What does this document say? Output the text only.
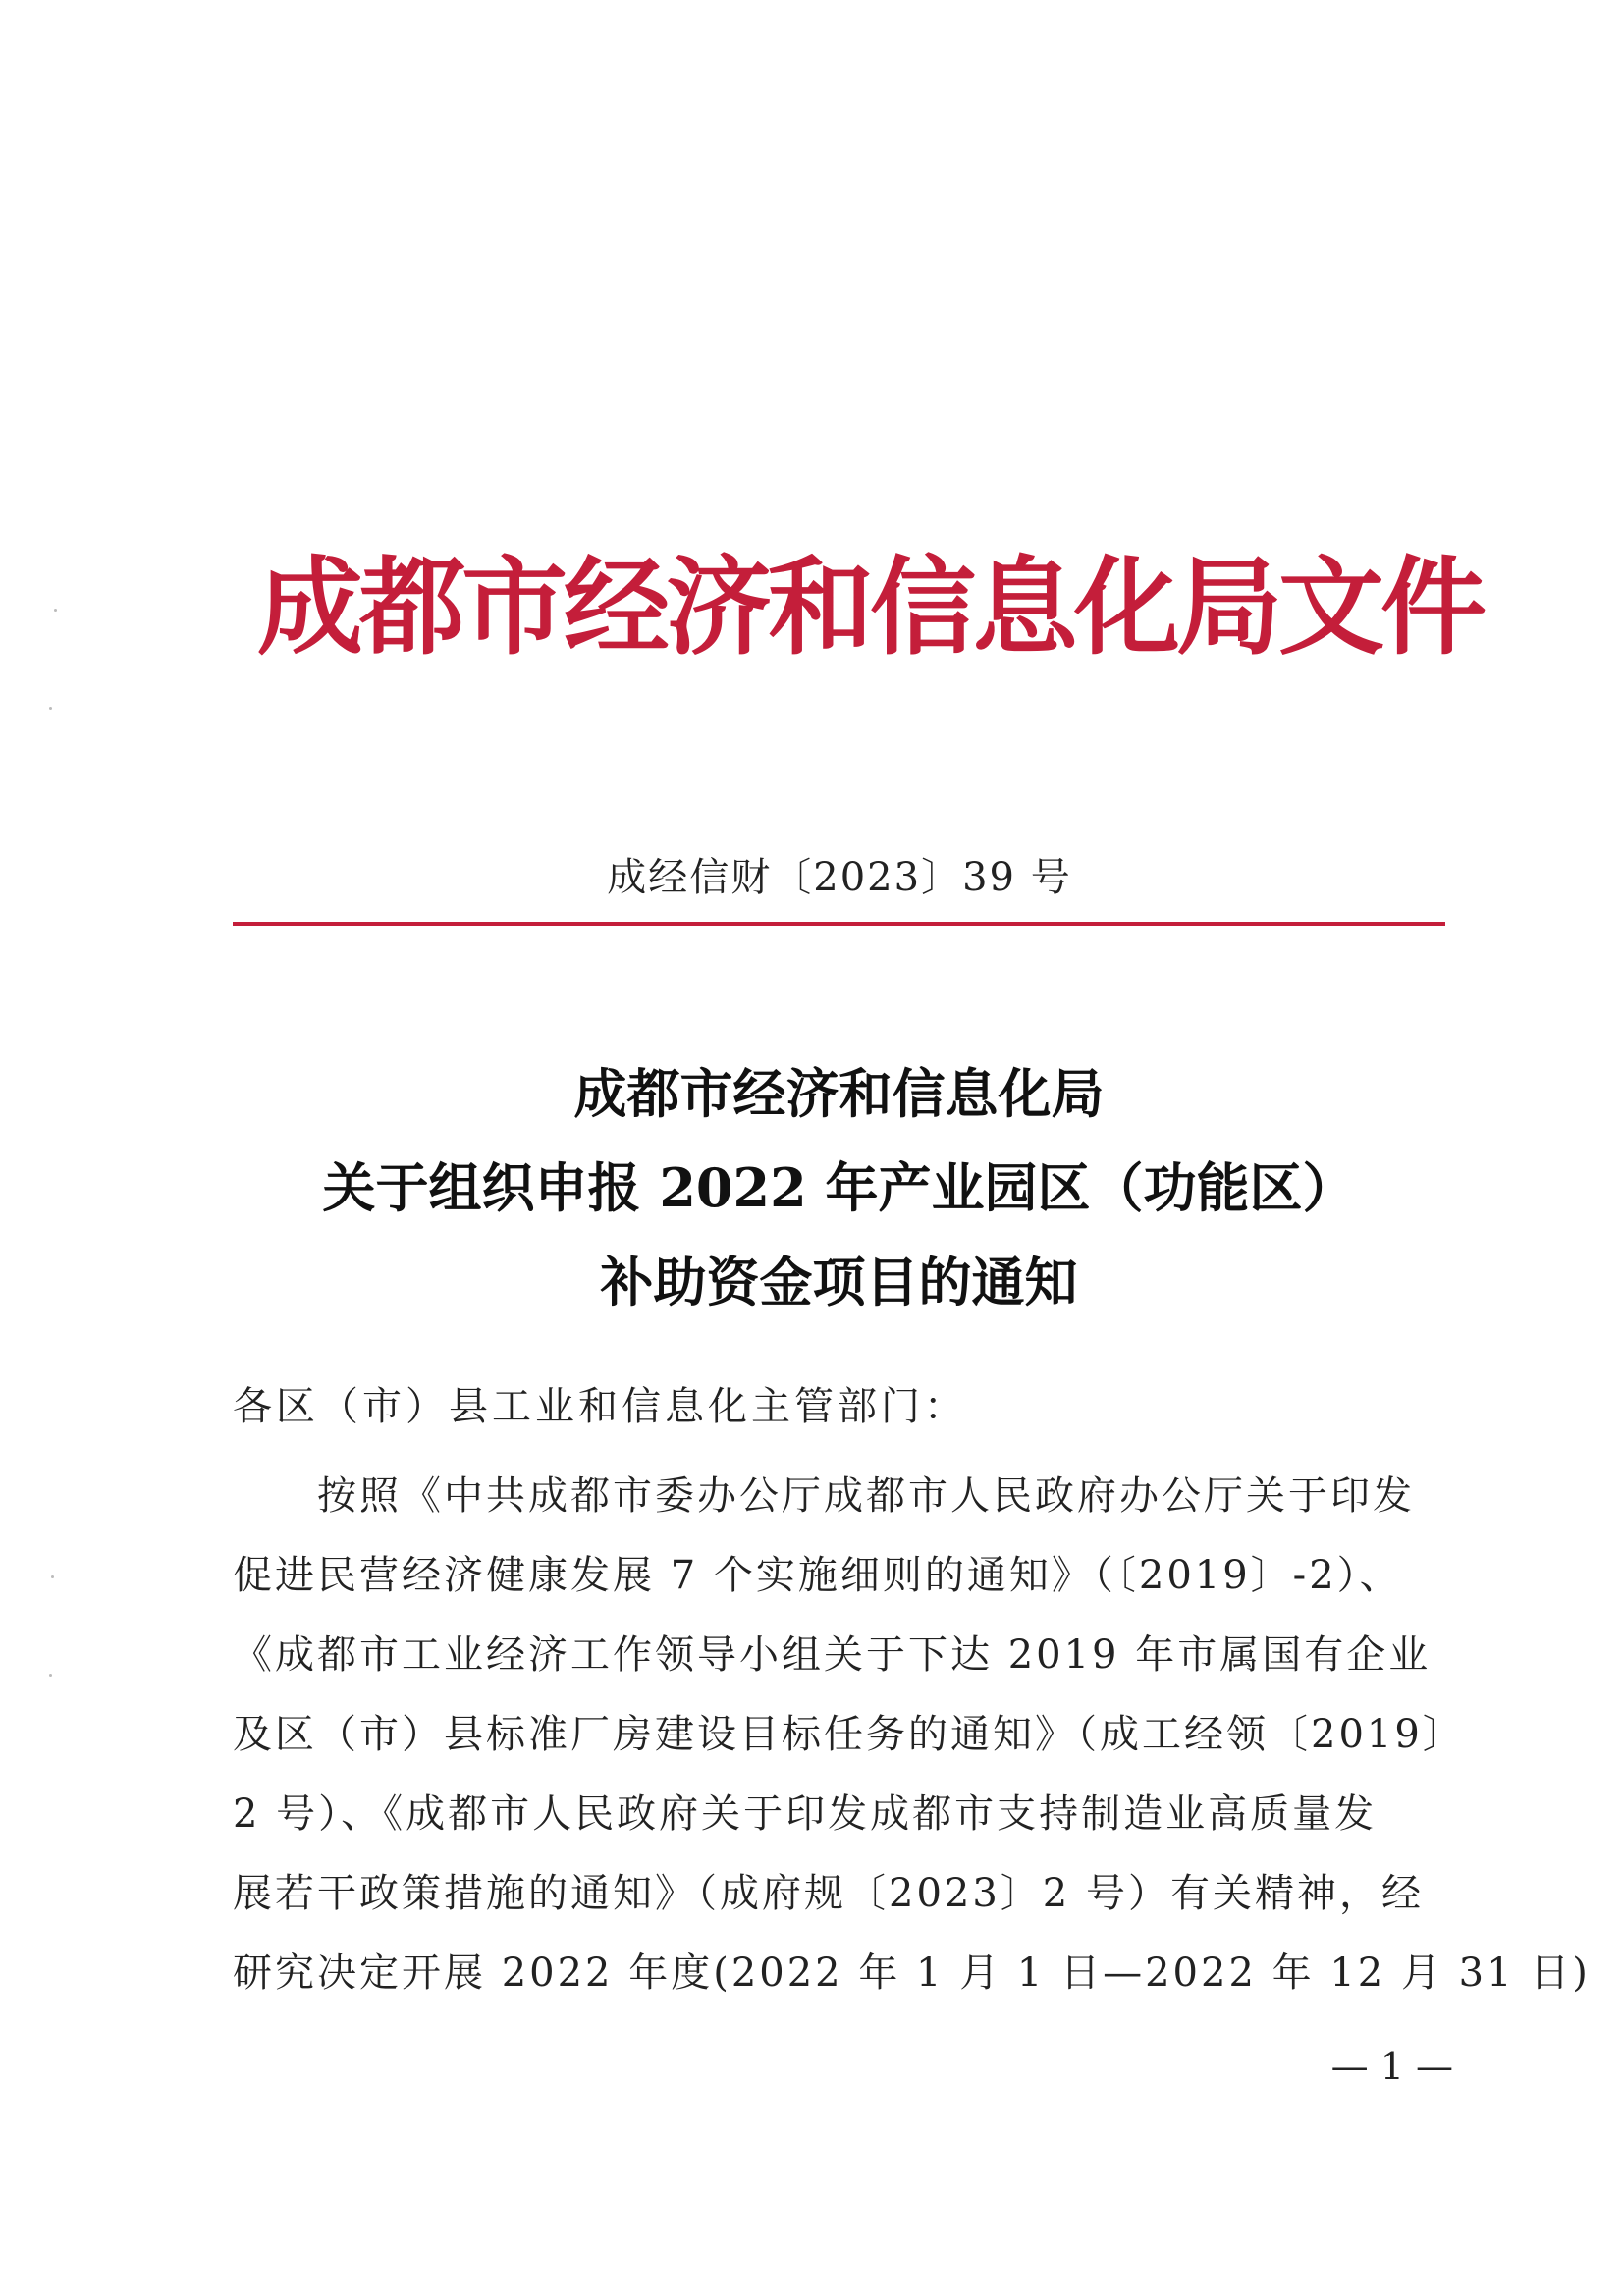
成都市经济和信息化局文件
成经信财〔2023〕39 号
成都市经济和信息化局
关于组织申报 2022 年产业园区（功能区）
补助资金项目的通知
各区（市）县工业和信息化主管部门：
　　按照《中共成都市委办公厅成都市人民政府办公厅关于印发
促进民营经济健康发展 7 个实施细则的通知》（〔2019〕-2）、
《成都市工业经济工作领导小组关于下达 2019 年市属国有企业
及区（市）县标准厂房建设目标任务的通知》（成工经领〔2019〕
2 号）、《成都市人民政府关于印发成都市支持制造业高质量发
展若干政策措施的通知》（成府规〔2023〕2 号）有关精神，经
研究决定开展 2022 年度(2022 年 1 月 1 日—2022 年 12 月 31 日)
— 1 —
